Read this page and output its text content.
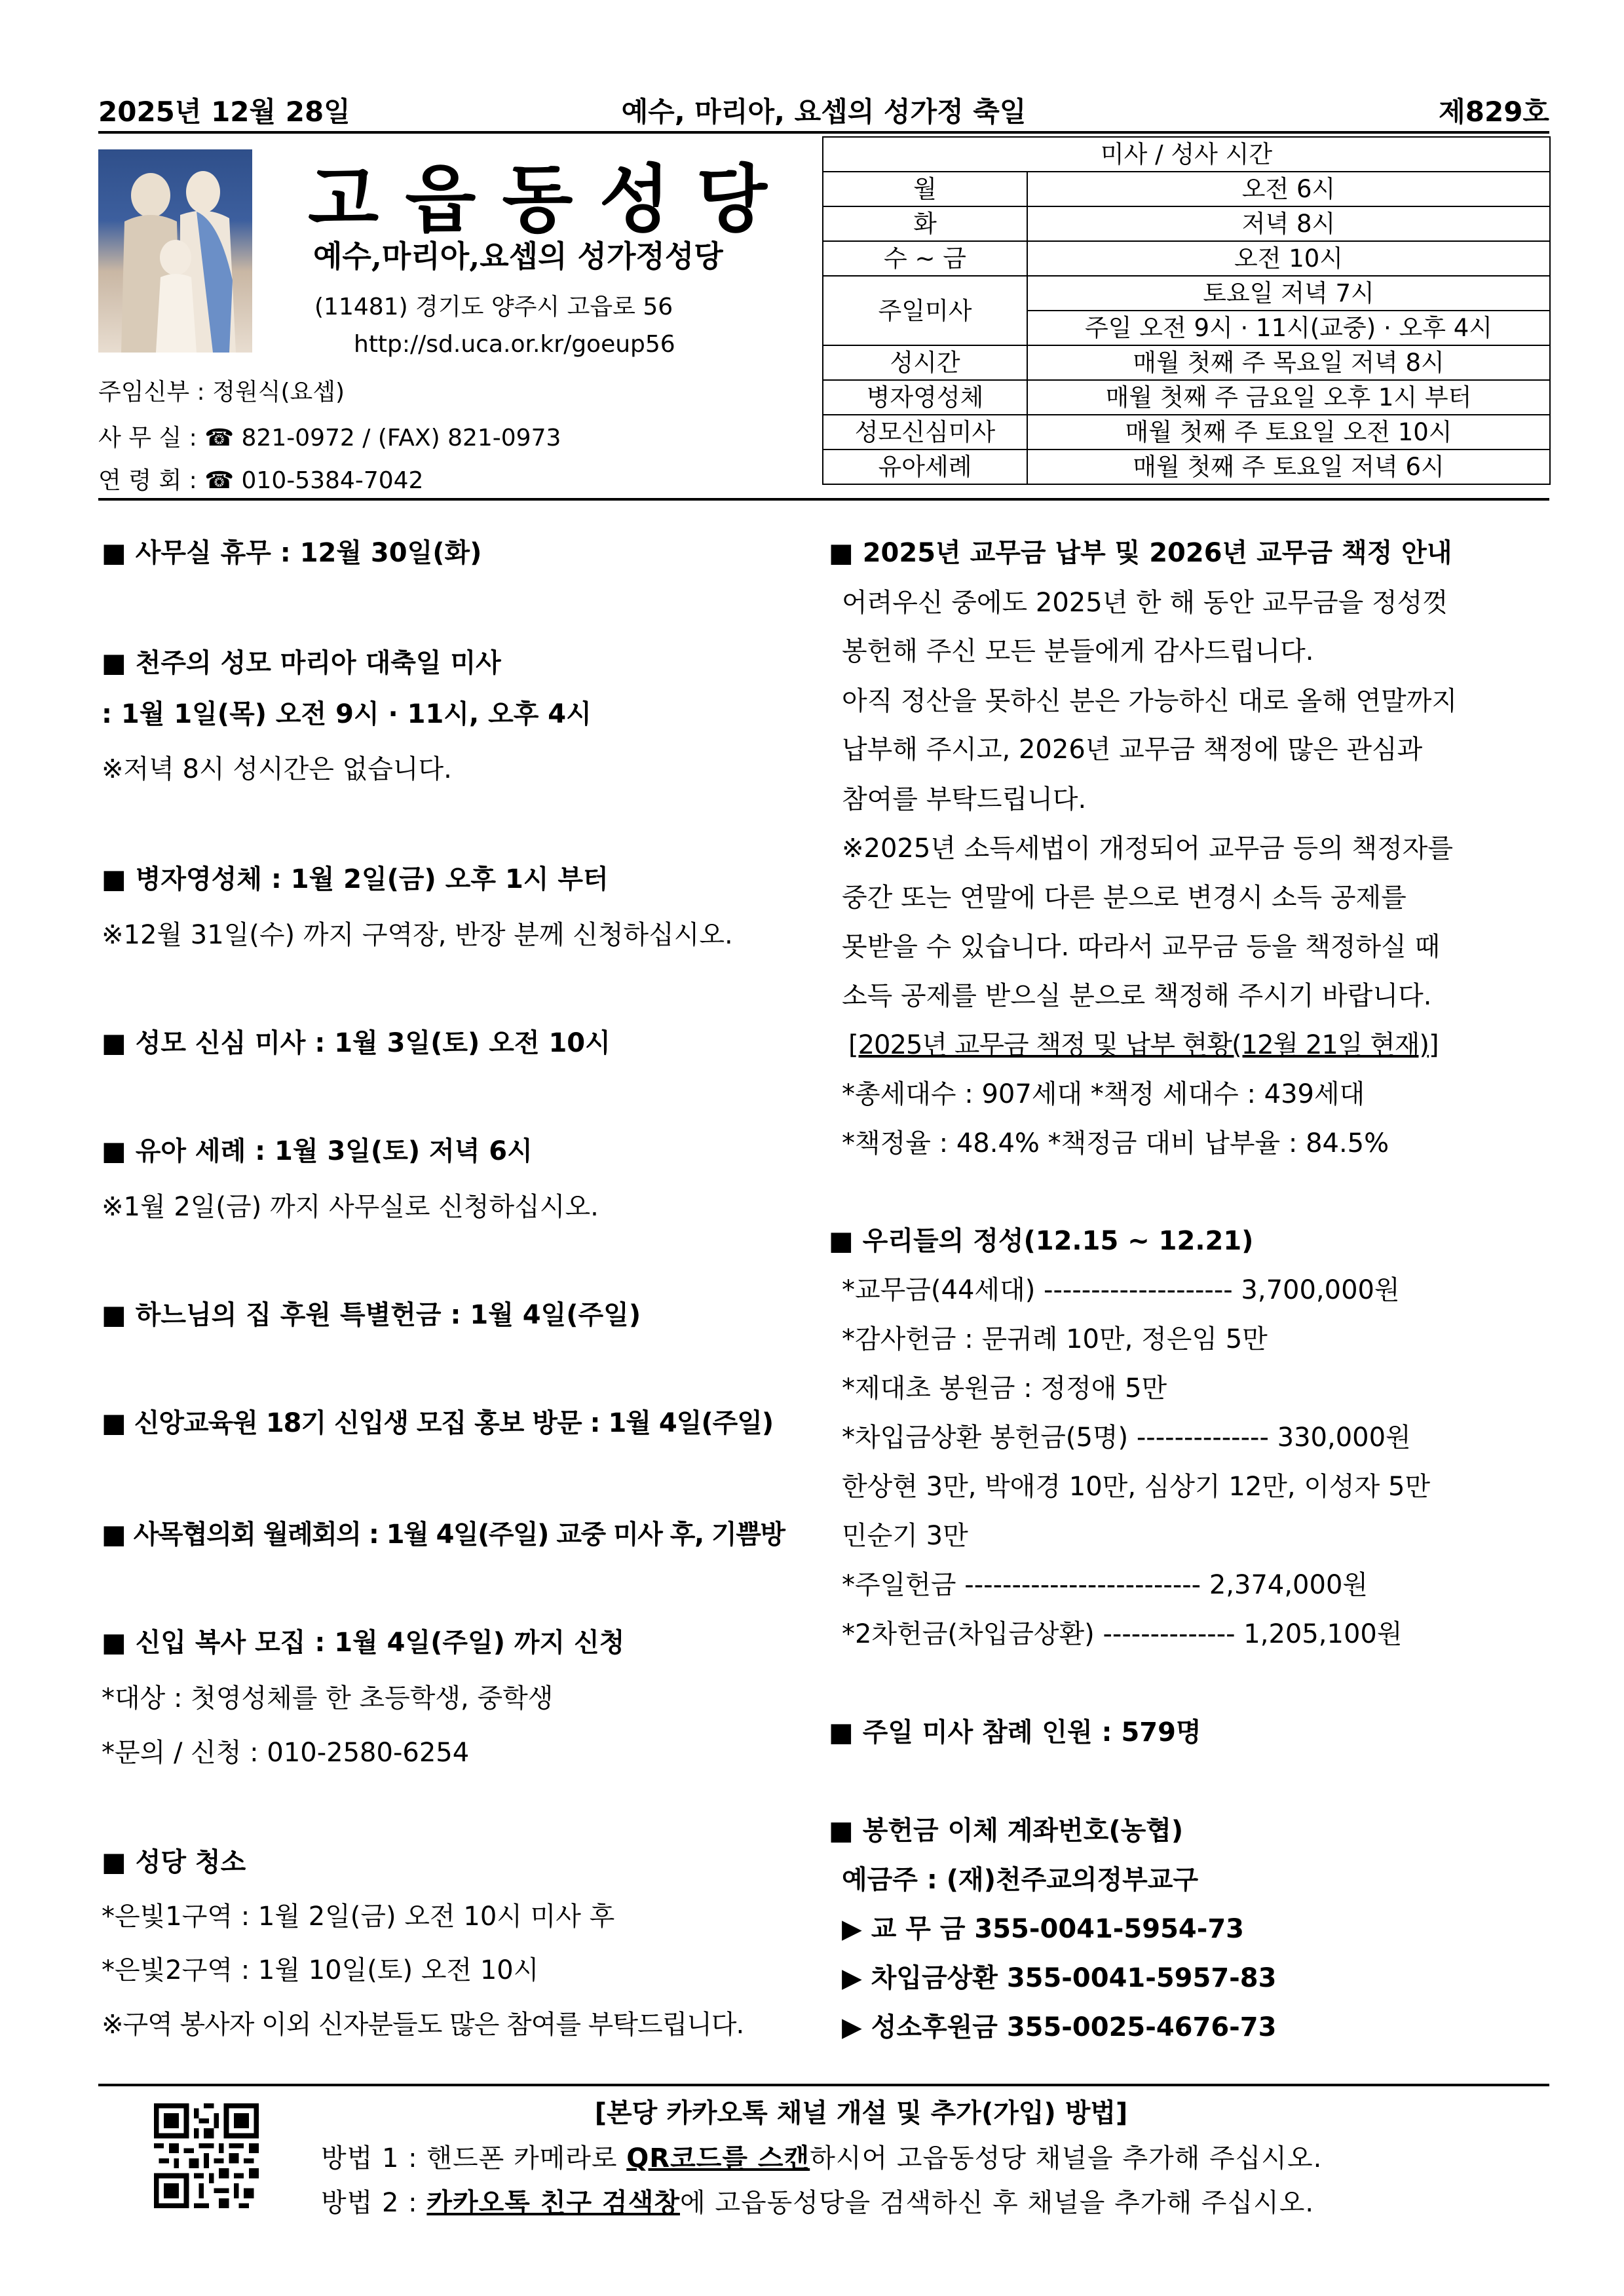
2025년 12월 28일	예수, 마리아, 요셉의 성가정 축일	제829호
고읍동성당
예수,마리아,요셉의 성가정성당
(11481) 경기도 양주시 고읍로 56
http://sd.uca.or.kr/goeup56
주임신부 : 정원식(요셉)
사 무 실 : ☎ 821-0972 / (FAX) 821-0973
연 령 회 : ☎ 010-5384-7042
미사 / 성사 시간	
월	오전 6시
화	저녁 8시
수 ~ 금	오전 10시
주일미사	토요일 저녁 7시
	주일 오전 9시 · 11시(교중) · 오후 4시
성시간	매월 첫째 주 목요일 저녁 8시
병자영성체	매월 첫째 주 금요일 오후 1시 부터
성모신심미사	매월 첫째 주 토요일 오전 10시
유아세례	매월 첫째 주 토요일 저녁 6시
■ 사무실 휴무 : 12월 30일(화)
■ 천주의 성모 마리아 대축일 미사
: 1월 1일(목) 오전 9시 · 11시, 오후 4시
※저녁 8시 성시간은 없습니다.
■ 병자영성체 : 1월 2일(금) 오후 1시 부터
※12월 31일(수) 까지 구역장, 반장 분께 신청하십시오.
■ 성모 신심 미사 : 1월 3일(토) 오전 10시
■ 유아 세례 : 1월 3일(토) 저녁 6시
※1월 2일(금) 까지 사무실로 신청하십시오.
■ 하느님의 집 후원 특별헌금 : 1월 4일(주일)
■ 신앙교육원 18기 신입생 모집 홍보 방문 : 1월 4일(주일)
■ 사목협의회 월례회의 : 1월 4일(주일) 교중 미사 후, 기쁨방
■ 신입 복사 모집 : 1월 4일(주일) 까지 신청
*대상 : 첫영성체를 한 초등학생, 중학생
*문의 / 신청 : 010-2580-6254
■ 성당 청소
*은빛1구역 : 1월 2일(금) 오전 10시 미사 후
*은빛2구역 : 1월 10일(토) 오전 10시
※구역 봉사자 이외 신자분들도 많은 참여를 부탁드립니다.
■ 2025년 교무금 납부 및 2026년 교무금 책정 안내
어려우신 중에도 2025년 한 해 동안 교무금을 정성껏
봉헌해 주신 모든 분들에게 감사드립니다.
아직 정산을 못하신 분은 가능하신 대로 올해 연말까지
납부해 주시고, 2026년 교무금 책정에 많은 관심과
참여를 부탁드립니다.
※2025년 소득세법이 개정되어 교무금 등의 책정자를
중간 또는 연말에 다른 분으로 변경시 소득 공제를
못받을 수 있습니다. 따라서 교무금 등을 책정하실 때
소득 공제를 받으실 분으로 책정해 주시기 바랍니다.
[2025년 교무금 책정 및 납부 현황(12월 21일 현재)]
*총세대수 : 907세대 *책정 세대수 : 439세대
*책정율 : 48.4% *책정금 대비 납부율 : 84.5%
■ 우리들의 정성(12.15 ~ 12.21)
*교무금(44세대) -------------------- 3,700,000원
*감사헌금 : 문귀례 10만, 정은임 5만
*제대초 봉원금 : 정정애 5만
*차입금상환 봉헌금(5명) -------------- 330,000원
한상현 3만, 박애경 10만, 심상기 12만, 이성자 5만
민순기 3만
*주일헌금 ------------------------- 2,374,000원
*2차헌금(차입금상환) -------------- 1,205,100원
■ 주일 미사 참례 인원 : 579명
■ 봉헌금 이체 계좌번호(농협)
예금주 : (재)천주교의정부교구
▶ 교 무 금 355-0041-5954-73
▶ 차입금상환 355-0041-5957-83
▶ 성소후원금 355-0025-4676-73
[본당 카카오톡 채널 개설 및 추가(가입) 방법]
방법 1 : 핸드폰 카메라로 QR코드를 스캔하시어 고읍동성당 채널을 추가해 주십시오.
방법 2 : 카카오톡 친구 검색창에 고읍동성당을 검색하신 후 채널을 추가해 주십시오.
